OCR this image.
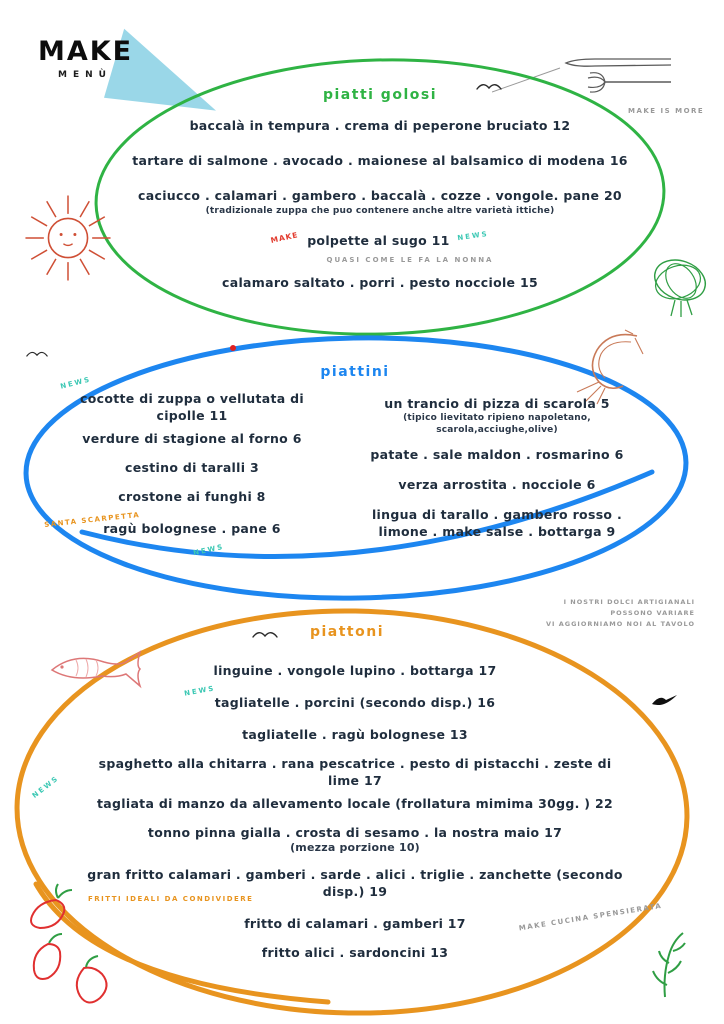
MAKE
MENÙ
MAKE IS MORE
piatti golosi
baccalà in tempura . crema di peperone bruciato 12
tartare di salmone . avocado . maionese al balsamico di modena 16
caciucco . calamari . gambero . baccalà . cozze . vongole. pane 20
(tradizionale zuppa che puo contenere anche altre varietà ittiche)
MAKE polpette al sugo 11 NEWS
QUASI COME LE FA LA NONNA
calamaro saltato . porri . pesto nocciole 15
piattini
NEWS
cocotte di zuppa o vellutata di cipolle 11
verdure di stagione al forno 6
cestino di taralli 3
crostone ai funghi 8
ragù bolognese . pane 6
SANTA SCARPETTA
NEWS
un trancio di pizza di scarola 5
(tipico lievitato ripieno napoletano, scarola,acciughe,olive)
patate . sale maldon . rosmarino 6
verza arrostita . nocciole 6
lingua di tarallo . gambero rosso . limone . make salse . bottarga 9
I NOSTRI DOLCI ARTIGIANALI
POSSONO VARIARE
VI AGGIORNIAMO NOI AL TAVOLO
piattoni
linguine . vongole lupino . bottarga 17
tagliatelle . porcini (secondo disp.) 16
NEWS
tagliatelle . ragù bolognese 13
spaghetto alla chitarra . rana pescatrice . pesto di pistacchi . zeste di lime 17
tagliata di manzo da allevamento locale (frollatura mimima 30gg. ) 22
NEWS
tonno pinna gialla . crosta di sesamo . la nostra maio 17
(mezza porzione 10)
gran fritto calamari . gamberi . sarde . alici . triglie . zanchette (secondo disp.) 19
FRITTI IDEALI DA CONDIVIDERE
fritto di calamari . gamberi 17
fritto alici . sardoncini 13
MAKE CUCINA SPENSIERATA
